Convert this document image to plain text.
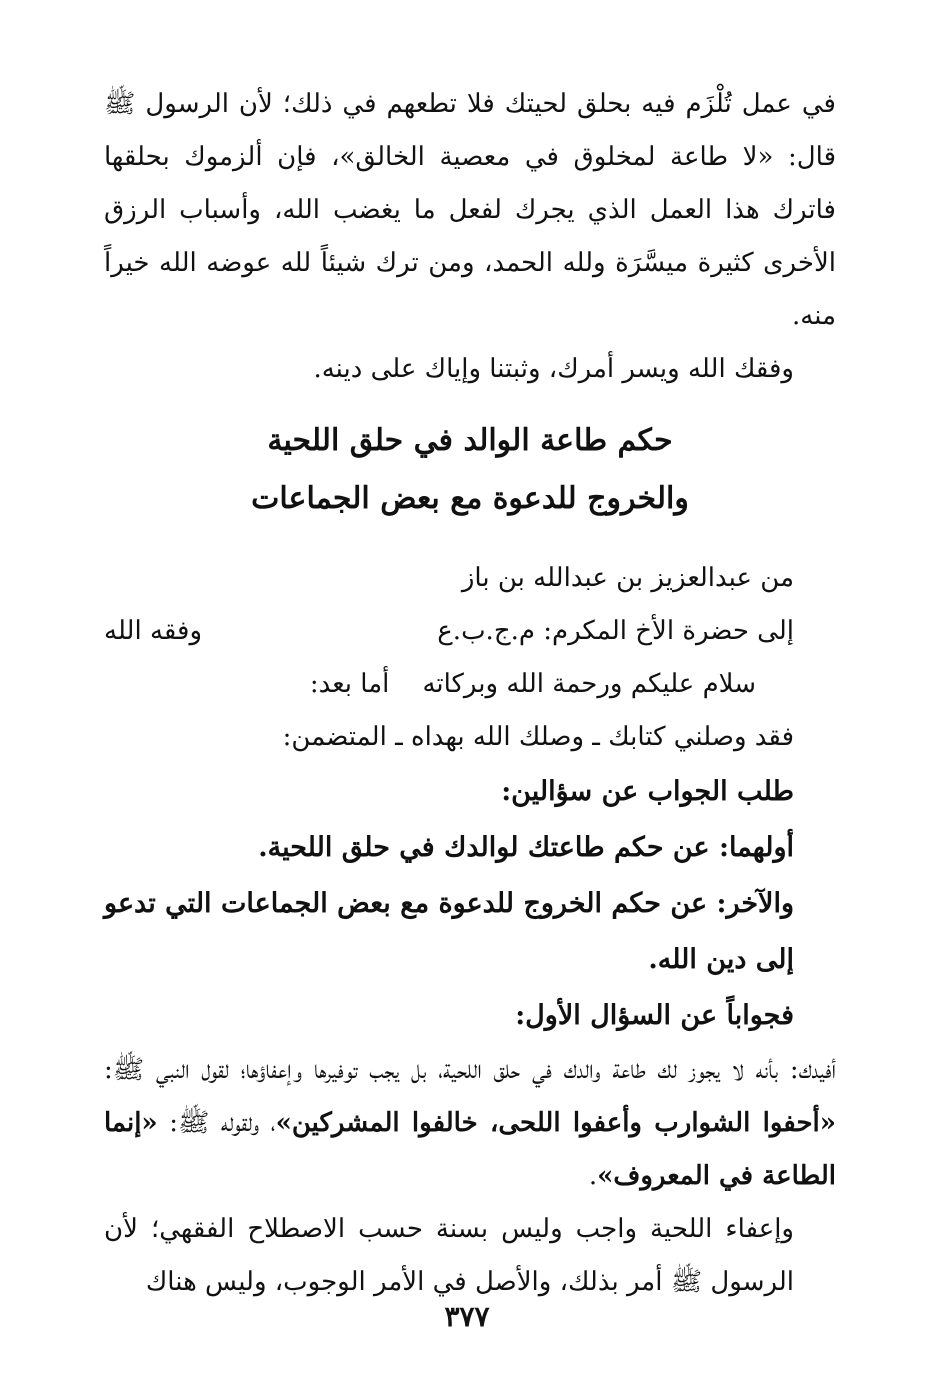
في عمل تُلْزَم فيه بحلق لحيتك فلا تطعهم في ذلك؛ لأن الرسول ﷺ قال: «لا طاعة لمخلوق في معصية الخالق»، فإن ألزموك بحلقها فاترك هذا العمل الذي يجرك لفعل ما يغضب الله، وأسباب الرزق الأخرى كثيرة ميسَّرَة ولله الحمد، ومن ترك شيئاً لله عوضه الله خيراً منه.

وفقك الله ويسر أمرك، وثبتنا وإياك على دينه.

حكم طاعة الوالد في حلق اللحية

والخروج للدعوة مع بعض الجماعات

من عبدالعزيز بن عبدالله بن باز

إلى حضرة الأخ المكرم: م.ج.ب.ع
وفقه الله

سلام عليكم ورحمة الله وبركاته    أما بعد:

فقد وصلني كتابك ـ وصلك الله بهداه ـ المتضمن:

طلب الجواب عن سؤالين:

أولهما: عن حكم طاعتك لوالدك في حلق اللحية.

والآخر: عن حكم الخروج للدعوة مع بعض الجماعات التي تدعو إلى دين الله.

فجواباً عن السؤال الأول:

أفيدك: بأنه لا يجوز لك طاعة والدك في حلق اللحية، بل يجب توفيرها وإعفاؤها؛ لقول النبي ﷺ: «أحفوا الشوارب وأعفوا اللحى، خالفوا المشركين»، ولقوله ﷺ: «إنما الطاعة في المعروف».

وإعفاء اللحية واجب وليس بسنة حسب الاصطلاح الفقهي؛ لأن الرسول ﷺ أمر بذلك، والأصل في الأمر الوجوب، وليس هناك

٣٧٧
